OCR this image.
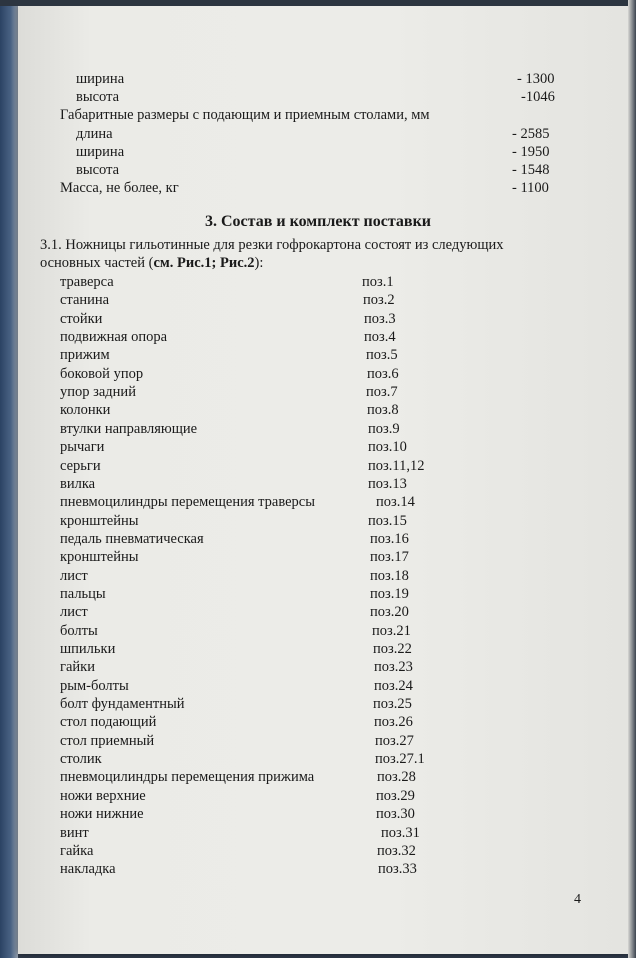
ширина	- 1300
высота	-1046
Габаритные размеры с подающим и приемным столами, мм
длина	- 2585
ширина	- 1950
высота	- 1548
Масса, не более, кг	- 1100
3. Состав и комплект поставки
3.1. Ножницы гильотинные для резки гофрокартона состоят из следующих
основных частей (см. Рис.1; Рис.2):
траверса	поз.1
станина	поз.2
стойки	поз.3
подвижная опора	поз.4
прижим	поз.5
боковой упор	поз.6
упор задний	поз.7
колонки	поз.8
втулки направляющие	поз.9
рычаги	поз.10
серьги	поз.11,12
вилка	поз.13
пневмоцилиндры перемещения траверсы	поз.14
кронштейны	поз.15
педаль пневматическая	поз.16
кронштейны	поз.17
лист	поз.18
пальцы	поз.19
лист	поз.20
болты	поз.21
шпильки	поз.22
гайки	поз.23
рым-болты	поз.24
болт фундаментный	поз.25
стол подающий	поз.26
стол приемный	поз.27
столик	поз.27.1
пневмоцилиндры перемещения прижима	поз.28
ножи верхние	поз.29
ножи нижние	поз.30
винт	поз.31
гайка	поз.32
накладка	поз.33
4
